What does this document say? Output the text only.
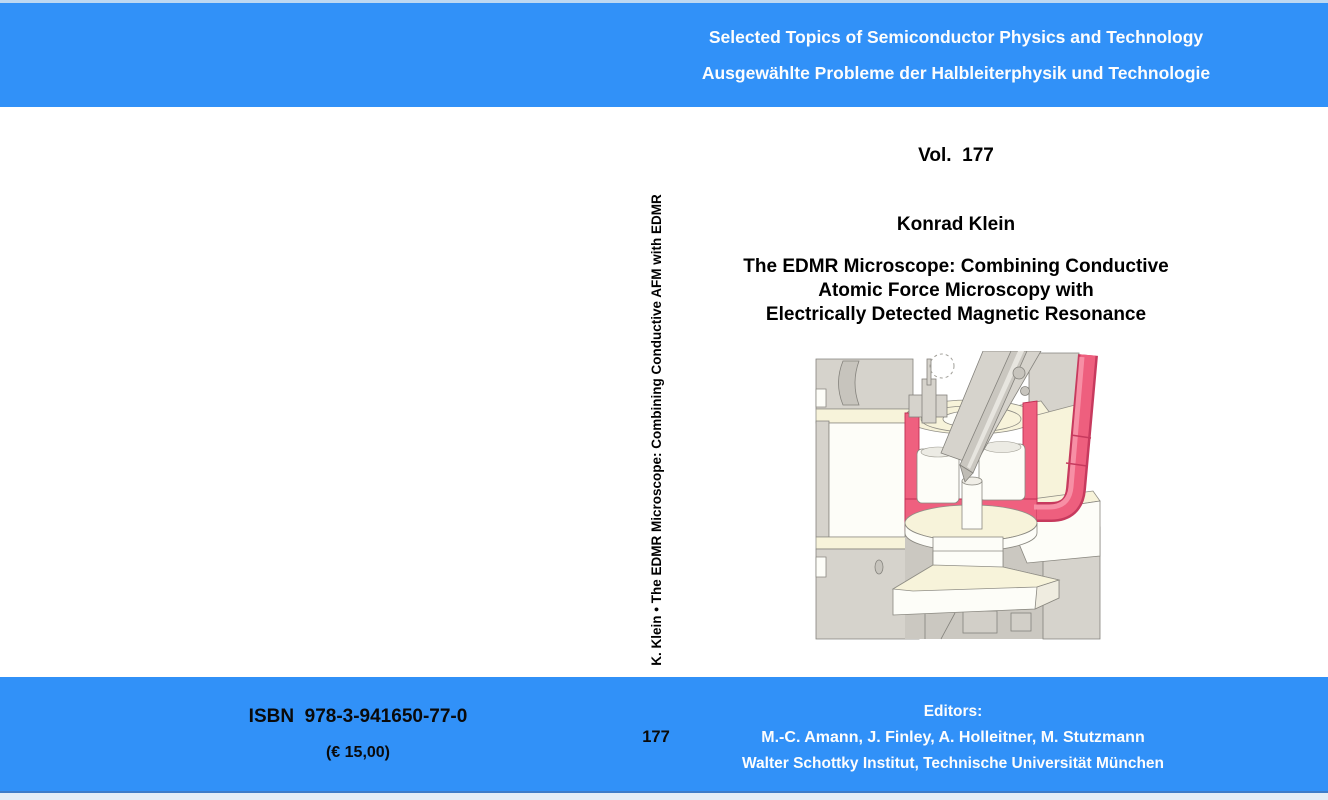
Selected Topics of Semiconductor Physics and Technology
Ausgewählte Probleme der Halbleiterphysik und Technologie
Vol.  177
Konrad Klein
The EDMR Microscope: Combining Conductive
Atomic Force Microscopy with
Electrically Detected Magnetic Resonance
K. Klein • The EDMR Microscope: Combining Conductive AFM with EDMR
ISBN  978-3-941650-77-0
(€ 15,00)
177
Editors:
M.-C. Amann, J. Finley, A. Holleitner, M. Stutzmann
Walter Schottky Institut, Technische Universität München
